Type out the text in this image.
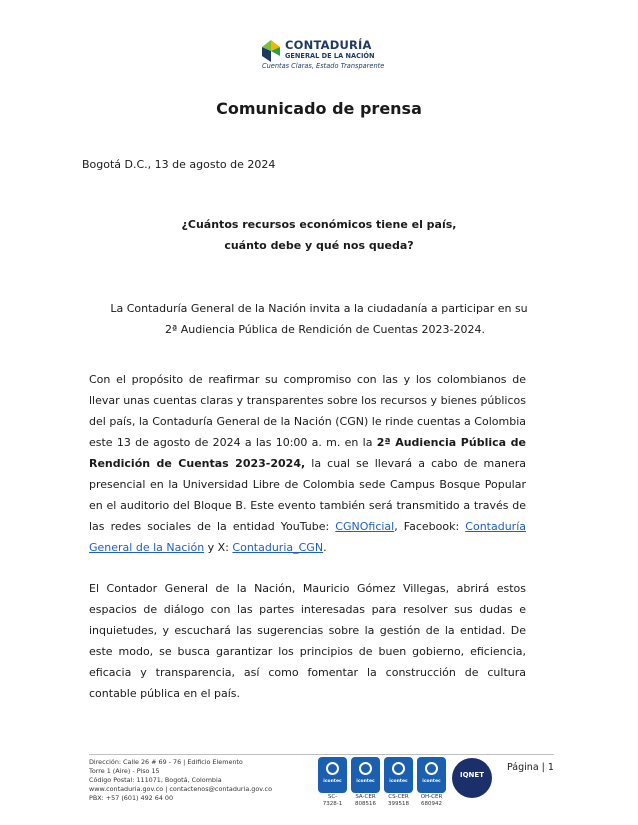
CONTADURÍA
GENERAL DE LA NACIÓN
Cuentas Claras, Estado Transparente
Comunicado de prensa
Bogotá D.C., 13 de agosto de 2024
¿Cuántos recursos económicos tiene el país,
cuánto debe y qué nos queda?
La Contaduría General de la Nación invita a la ciudadanía a participar en su
2ª Audiencia Pública de Rendición de Cuentas 2023-2024.
Con el propósito de reafirmar su compromiso con las y los colombianos de llevar unas cuentas claras y transparentes sobre los recursos y bienes públicos del país, la Contaduría General de la Nación (CGN) le rinde cuentas a Colombia este 13 de agosto de 2024 a las 10:00 a. m. en la 2ª Audiencia Pública de Rendición de Cuentas 2023-2024, la cual se llevará a cabo de manera presencial en la Universidad Libre de Colombia sede Campus Bosque Popular en el auditorio del Bloque B. Este evento también será transmitido a través de las redes sociales de la entidad YouTube: CGNOficial, Facebook: Contaduría General de la Nación y X: Contaduria_CGN.
El Contador General de la Nación, Mauricio Gómez Villegas, abrirá estos espacios de diálogo con las partes interesadas para resolver sus dudas e inquietudes, y escuchará las sugerencias sobre la gestión de la entidad. De este modo, se busca garantizar los principios de buen gobierno, eficiencia, eficacia y transparencia, así como fomentar la construcción de cultura contable pública en el país.
Dirección: Calle 26 # 69 - 76 | Edificio Elemento
Torre 1 (Aire) - Piso 15
Código Postal: 111071, Bogotá, Colombia
www.contaduria.gov.co | contactenos@contaduria.gov.co
PBX: +57 (601) 492 64 00
icontec
SC-
7328-1
icontec
SA-CER
808516
icontec
CS-CER
399518
icontec
OH-CER
680942
IQNET
Página | 1
